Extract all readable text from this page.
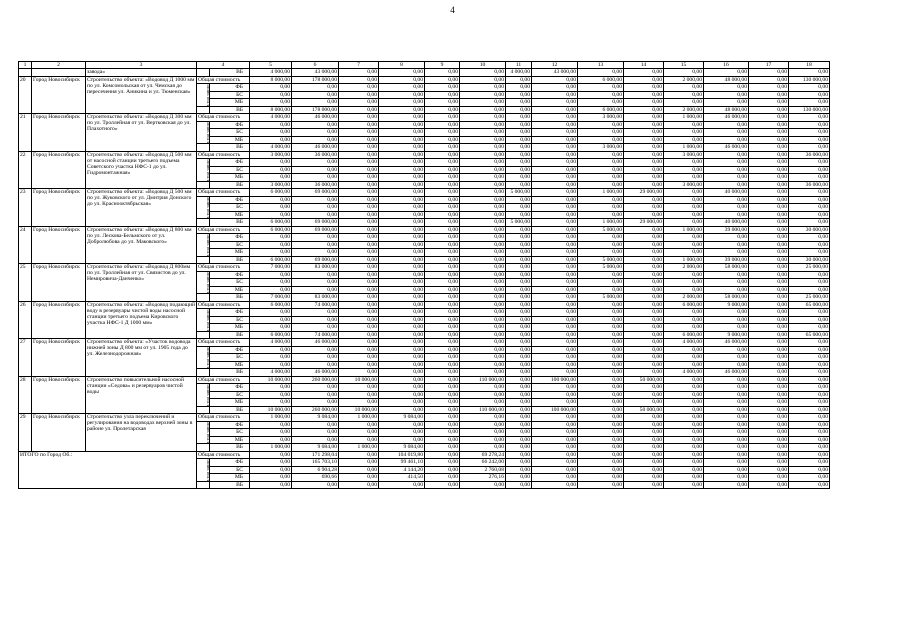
4
1	2	3	4		5	6	7	8	9	10	11	12	13	14	15	16	17	18
		завода»		ВБ	4 000,00	43 000,00	0,00	0,00	0,00	0,00	4 000,00	43 000,00	0,00	0,00	0,00	0,00	0,00	0,00
20	Город Новосибирск	Строительство объекта: «Водовод Д 1000 мм по ул. Комсомольская от ул. Чемская до пересечения ул. Аникина и ул. Тюменская»	Общая стоимость		8 000,00	178 000,00	0,00	0,00	0,00	0,00	0,00	0,00	6 000,00	0,00	2 000,00	48 000,00	0,00	130 000,00
			в том числе:	ФБ	0,00	0,00	0,00	0,00	0,00	0,00	0,00	0,00	0,00	0,00	0,00	0,00	0,00	0,00
				БС	0,00	0,00	0,00	0,00	0,00	0,00	0,00	0,00	0,00	0,00	0,00	0,00	0,00	0,00
				МБ	0,00	0,00	0,00	0,00	0,00	0,00	0,00	0,00	0,00	0,00	0,00	0,00	0,00	0,00
				ВБ	8 000,00	178 000,00	0,00	0,00	0,00	0,00	0,00	0,00	6 000,00	0,00	2 000,00	48 000,00	0,00	130 000,00
21	Город Новосибирск	Строительство объекта: «Водовод Д 300 мм по ул. Троллейная от ул. Вертковская до ул. Плахотного»	Общая стоимость		4 000,00	46 000,00	0,00	0,00	0,00	0,00	0,00	0,00	3 000,00	0,00	1 000,00	46 000,00	0,00	0,00
			в том числе:	ФБ	0,00	0,00	0,00	0,00	0,00	0,00	0,00	0,00	0,00	0,00	0,00	0,00	0,00	0,00
				БС	0,00	0,00	0,00	0,00	0,00	0,00	0,00	0,00	0,00	0,00	0,00	0,00	0,00	0,00
				МБ	0,00	0,00	0,00	0,00	0,00	0,00	0,00	0,00	0,00	0,00	0,00	0,00	0,00	0,00
				ВБ	4 000,00	46 000,00	0,00	0,00	0,00	0,00	0,00	0,00	3 000,00	0,00	1 000,00	46 000,00	0,00	0,00
22	Город Новосибирск	Строительство объекта: «Водовод Д 500 мм от насосной станции третьего подъема Советского участка НФС-1 до ул. Гидромонтажная»	Общая стоимость		3 000,00	36 000,00	0,00	0,00	0,00	0,00	0,00	0,00	0,00	0,00	3 000,00	0,00	0,00	36 000,00
			в том числе:	ФБ	0,00	0,00	0,00	0,00	0,00	0,00	0,00	0,00	0,00	0,00	0,00	0,00	0,00	0,00
				БС	0,00	0,00	0,00	0,00	0,00	0,00	0,00	0,00	0,00	0,00	0,00	0,00	0,00	0,00
				МБ	0,00	0,00	0,00	0,00	0,00	0,00	0,00	0,00	0,00	0,00	0,00	0,00	0,00	0,00
				ВБ	3 000,00	36 000,00	0,00	0,00	0,00	0,00	0,00	0,00	0,00	0,00	3 000,00	0,00	0,00	36 000,00
23	Город Новосибирск	Строительство объекта: «Водовод Д 500 мм по ул. Жуковского от ул. Дмитрия Донского до ул. Краснооктябрьская»	Общая стоимость		6 000,00	69 000,00	0,00	0,00	0,00	0,00	5 000,00	0,00	1 000,00	29 000,00	0,00	40 000,00	0,00	0,00
			в том числе:	ФБ	0,00	0,00	0,00	0,00	0,00	0,00	0,00	0,00	0,00	0,00	0,00	0,00	0,00	0,00
				БС	0,00	0,00	0,00	0,00	0,00	0,00	0,00	0,00	0,00	0,00	0,00	0,00	0,00	0,00
				МБ	0,00	0,00	0,00	0,00	0,00	0,00	0,00	0,00	0,00	0,00	0,00	0,00	0,00	0,00
				ВБ	6 000,00	69 000,00	0,00	0,00	0,00	0,00	5 000,00	0,00	1 000,00	29 000,00	0,00	40 000,00	0,00	0,00
24	Город Новосибирск	Строительство объекта: «Водовод Д 800 мм по ул. Лескова-Бельмского от ул. Добролюбова до ул. Маковского»	Общая стоимость		6 000,00	69 000,00	0,00	0,00	0,00	0,00	0,00	0,00	5 000,00	0,00	1 000,00	39 000,00	0,00	30 000,00
			в том числе:	ФБ	0,00	0,00	0,00	0,00	0,00	0,00	0,00	0,00	0,00	0,00	0,00	0,00	0,00	0,00
				БС	0,00	0,00	0,00	0,00	0,00	0,00	0,00	0,00	0,00	0,00	0,00	0,00	0,00	0,00
				МБ	0,00	0,00	0,00	0,00	0,00	0,00	0,00	0,00	0,00	0,00	0,00	0,00	0,00	0,00
				ВБ	6 000,00	69 000,00	0,00	0,00	0,00	0,00	0,00	0,00	5 000,00	0,00	1 000,00	39 000,00	0,00	30 000,00
25	Город Новосибирск	Строительство объекта: «Водовод Д 800мм по ул. Троллейная от ул. Связистов до ул. Немировича-Данченко»	Общая стоимость		7 000,00	83 000,00	0,00	0,00	0,00	0,00	0,00	0,00	5 000,00	0,00	2 000,00	58 000,00	0,00	25 000,00
			в том числе:	ФБ	0,00	0,00	0,00	0,00	0,00	0,00	0,00	0,00	0,00	0,00	0,00	0,00	0,00	0,00
				БС	0,00	0,00	0,00	0,00	0,00	0,00	0,00	0,00	0,00	0,00	0,00	0,00	0,00	0,00
				МБ	0,00	0,00	0,00	0,00	0,00	0,00	0,00	0,00	0,00	0,00	0,00	0,00	0,00	0,00
				ВБ	7 000,00	83 000,00	0,00	0,00	0,00	0,00	0,00	0,00	5 000,00	0,00	2 000,00	58 000,00	0,00	25 000,00
26	Город Новосибирск	Строительство объекта: «Водовод подающий воду в резервуары чистой воды насосной станции третьего подъема Кировского участка НФС-1 Д 1000 мм»	Общая стоимость		6 000,00	74 000,00	0,00	0,00	0,00	0,00	0,00	0,00	0,00	0,00	6 000,00	9 000,00	0,00	65 000,00
			в том числе:	ФБ	0,00	0,00	0,00	0,00	0,00	0,00	0,00	0,00	0,00	0,00	0,00	0,00	0,00	0,00
				БС	0,00	0,00	0,00	0,00	0,00	0,00	0,00	0,00	0,00	0,00	0,00	0,00	0,00	0,00
				МБ	0,00	0,00	0,00	0,00	0,00	0,00	0,00	0,00	0,00	0,00	0,00	0,00	0,00	0,00
				ВБ	6 000,00	74 000,00	0,00	0,00	0,00	0,00	0,00	0,00	0,00	0,00	6 000,00	9 000,00	0,00	65 000,00
27	Город Новосибирск	Строительство объекта: «Участок водовода нижней зоны Д 800 мм от ул. 1905 года до ул. Железнодорожная»	Общая стоимость		4 000,00	46 000,00	0,00	0,00	0,00	0,00	0,00	0,00	0,00	0,00	4 000,00	46 000,00	0,00	0,00
			в том числе:	ФБ	0,00	0,00	0,00	0,00	0,00	0,00	0,00	0,00	0,00	0,00	0,00	0,00	0,00	0,00
				БС	0,00	0,00	0,00	0,00	0,00	0,00	0,00	0,00	0,00	0,00	0,00	0,00	0,00	0,00
				МБ	0,00	0,00	0,00	0,00	0,00	0,00	0,00	0,00	0,00	0,00	0,00	0,00	0,00	0,00
				ВБ	4 000,00	46 000,00	0,00	0,00	0,00	0,00	0,00	0,00	0,00	0,00	4 000,00	46 000,00	0,00	0,00
28	Город Новосибирск	Строительство повысительной насосной станции «Седова» и резервуаров чистой воды	Общая стоимость		10 000,00	260 000,00	10 000,00	0,00	0,00	110 000,00	0,00	100 000,00	0,00	50 000,00	0,00	0,00	0,00	0,00
			в том числе:	ФБ	0,00	0,00	0,00	0,00	0,00	0,00	0,00	0,00	0,00	0,00	0,00	0,00	0,00	0,00
				БС	0,00	0,00	0,00	0,00	0,00	0,00	0,00	0,00	0,00	0,00	0,00	0,00	0,00	0,00
				МБ	0,00	0,00	0,00	0,00	0,00	0,00	0,00	0,00	0,00	0,00	0,00	0,00	0,00	0,00
				ВБ	10 000,00	260 000,00	10 000,00	0,00	0,00	110 000,00	0,00	100 000,00	0,00	50 000,00	0,00	0,00	0,00	0,00
29	Город Новосибирск	Строительство узла переключений и регулирования на водоводах верхней зоны в районе ул. Пролетарская	Общая стоимость		1 000,00	9 084,00	1 000,00	9 084,00	0,00	0,00	0,00	0,00	0,00	0,00	0,00	0,00	0,00	0,00
			в том числе:	ФБ	0,00	0,00	0,00	0,00	0,00	0,00	0,00	0,00	0,00	0,00	0,00	0,00	0,00	0,00
				БС	0,00	0,00	0,00	0,00	0,00	0,00	0,00	0,00	0,00	0,00	0,00	0,00	0,00	0,00
				МБ	0,00	0,00	0,00	0,00	0,00	0,00	0,00	0,00	0,00	0,00	0,00	0,00	0,00	0,00
				ВБ	1 000,00	9 084,00	1 000,00	9 084,00	0,00	0,00	0,00	0,00	0,00	0,00	0,00	0,00	0,00	0,00
ИТОГО по Город Об.:			Общая стоимость		0,00	171 298,04	0,00	104 019,80	0,00	69 278,24	0,00	0,00	0,00	0,00	0,00	0,00	0,00	0,00
			в том числе:	ФБ	0,00	165 703,10	0,00	99 461,10	0,00	66 242,00	0,00	0,00	0,00	0,00	0,00	0,00	0,00	0,00
				БС	0,00	6 904,28	0,00	4 144,20	0,00	2 760,08	0,00	0,00	0,00	0,00	0,00	0,00	0,00	0,00
				МБ	0,00	690,66	0,00	414,50	0,00	276,16	0,00	0,00	0,00	0,00	0,00	0,00	0,00	0,00
				ВБ	0,00	0,00	0,00	0,00	0,00	0,00	0,00	0,00	0,00	0,00	0,00	0,00	0,00	0,00
